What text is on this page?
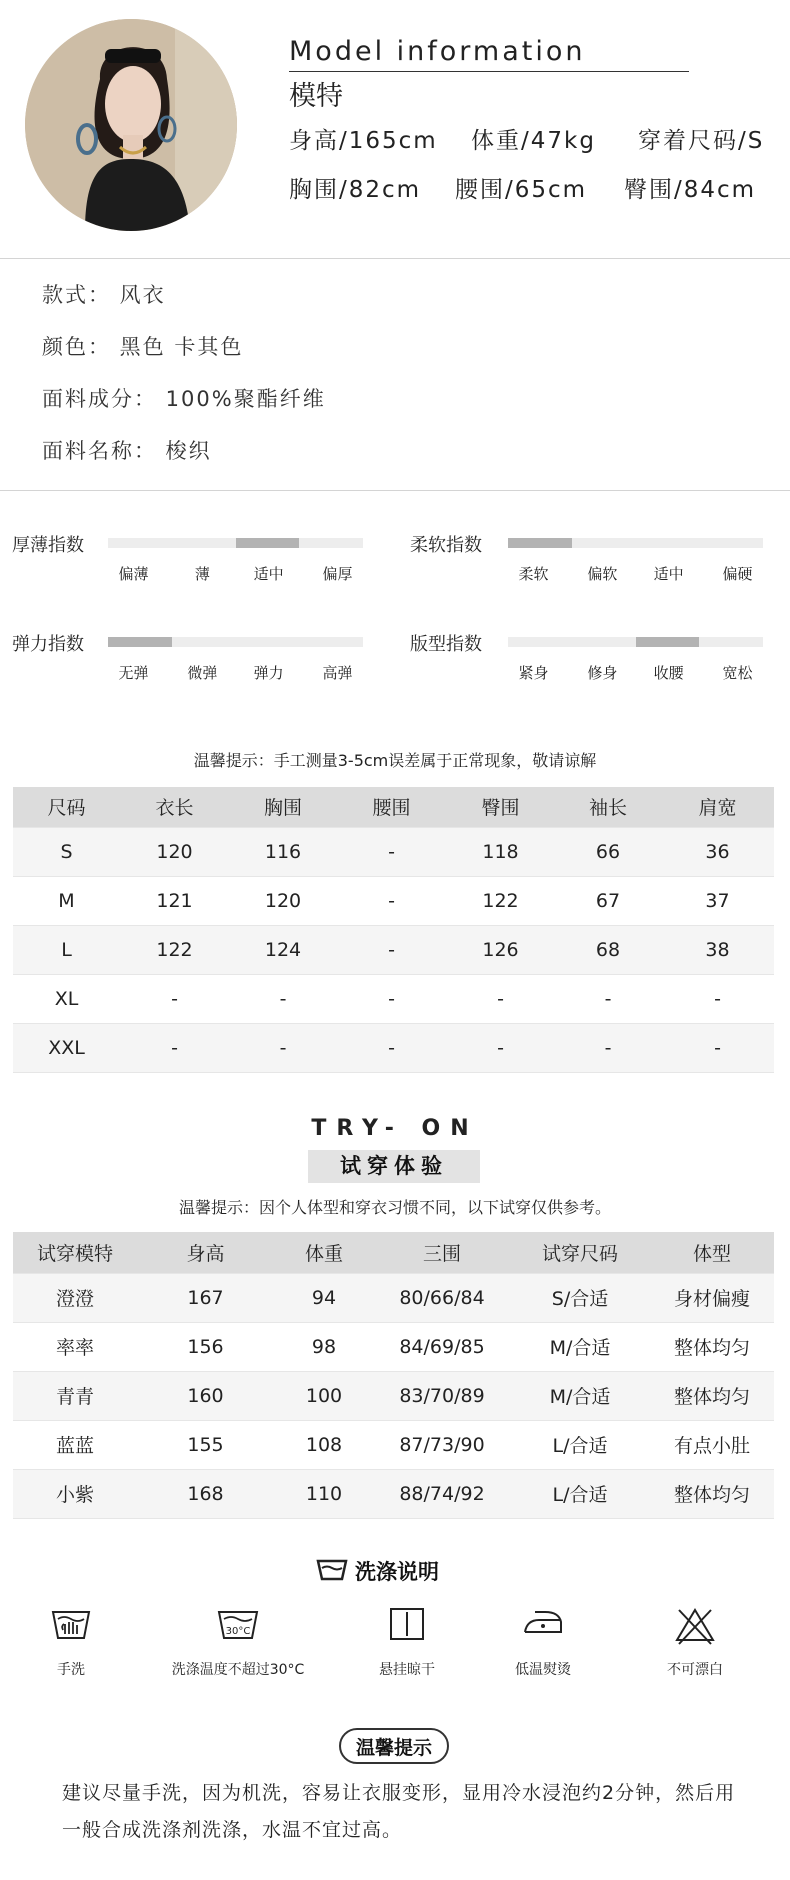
Model information
模特
身高/165cm 体重/47kg 穿着尺码/S
胸围/82cm 腰围/65cm 臀围/84cm
款式： 风衣
颜色： 黑色 卡其色
面料成分： 100%聚酯纤维
面料名称： 梭织
厚薄指数
偏薄	薄	适中	偏厚
柔软指数
柔软	偏软 适中	偏硬
弹力指数
无弹	微弹 弹力	高弹
版型指数
紧身	修身 收腰	宽松
温馨提示：手工测量3-5cm误差属于正常现象，敬请谅解
尺码	衣长	胸围	腰围	臀围	袖长	肩宽
S	120	116	-	118	66	36
M	121	120	-	122	67	37
L	122	124	-	126	68	38
XL	-	-	-	-	-	-
XXL	-	-	-	-	-	-
TRY- ON
试穿体验
温馨提示：因个人体型和穿衣习惯不同，以下试穿仅供参考。
试穿模特	身高	体重	三围	试穿尺码	体型
澄澄	167	94	80/66/84	S/合适	身材偏瘦
率率	156	98	84/69/85	M/合适	整体均匀
青青	160	100	83/70/89	M/合适	整体均匀
蓝蓝	155	108	87/73/90	L/合适	有点小肚
小紫	168	110	88/74/92	L/合适	整体均匀
洗涤说明
手洗
30°C
洗涤温度不超过30°C	悬挂晾干	低温熨烫	不可漂白
温馨提示
建议尽量手洗，因为机洗，容易让衣服变形，显用冷水浸泡约2分钟，然后用一般合成洗涤剂洗涤，水温不宜过高。
